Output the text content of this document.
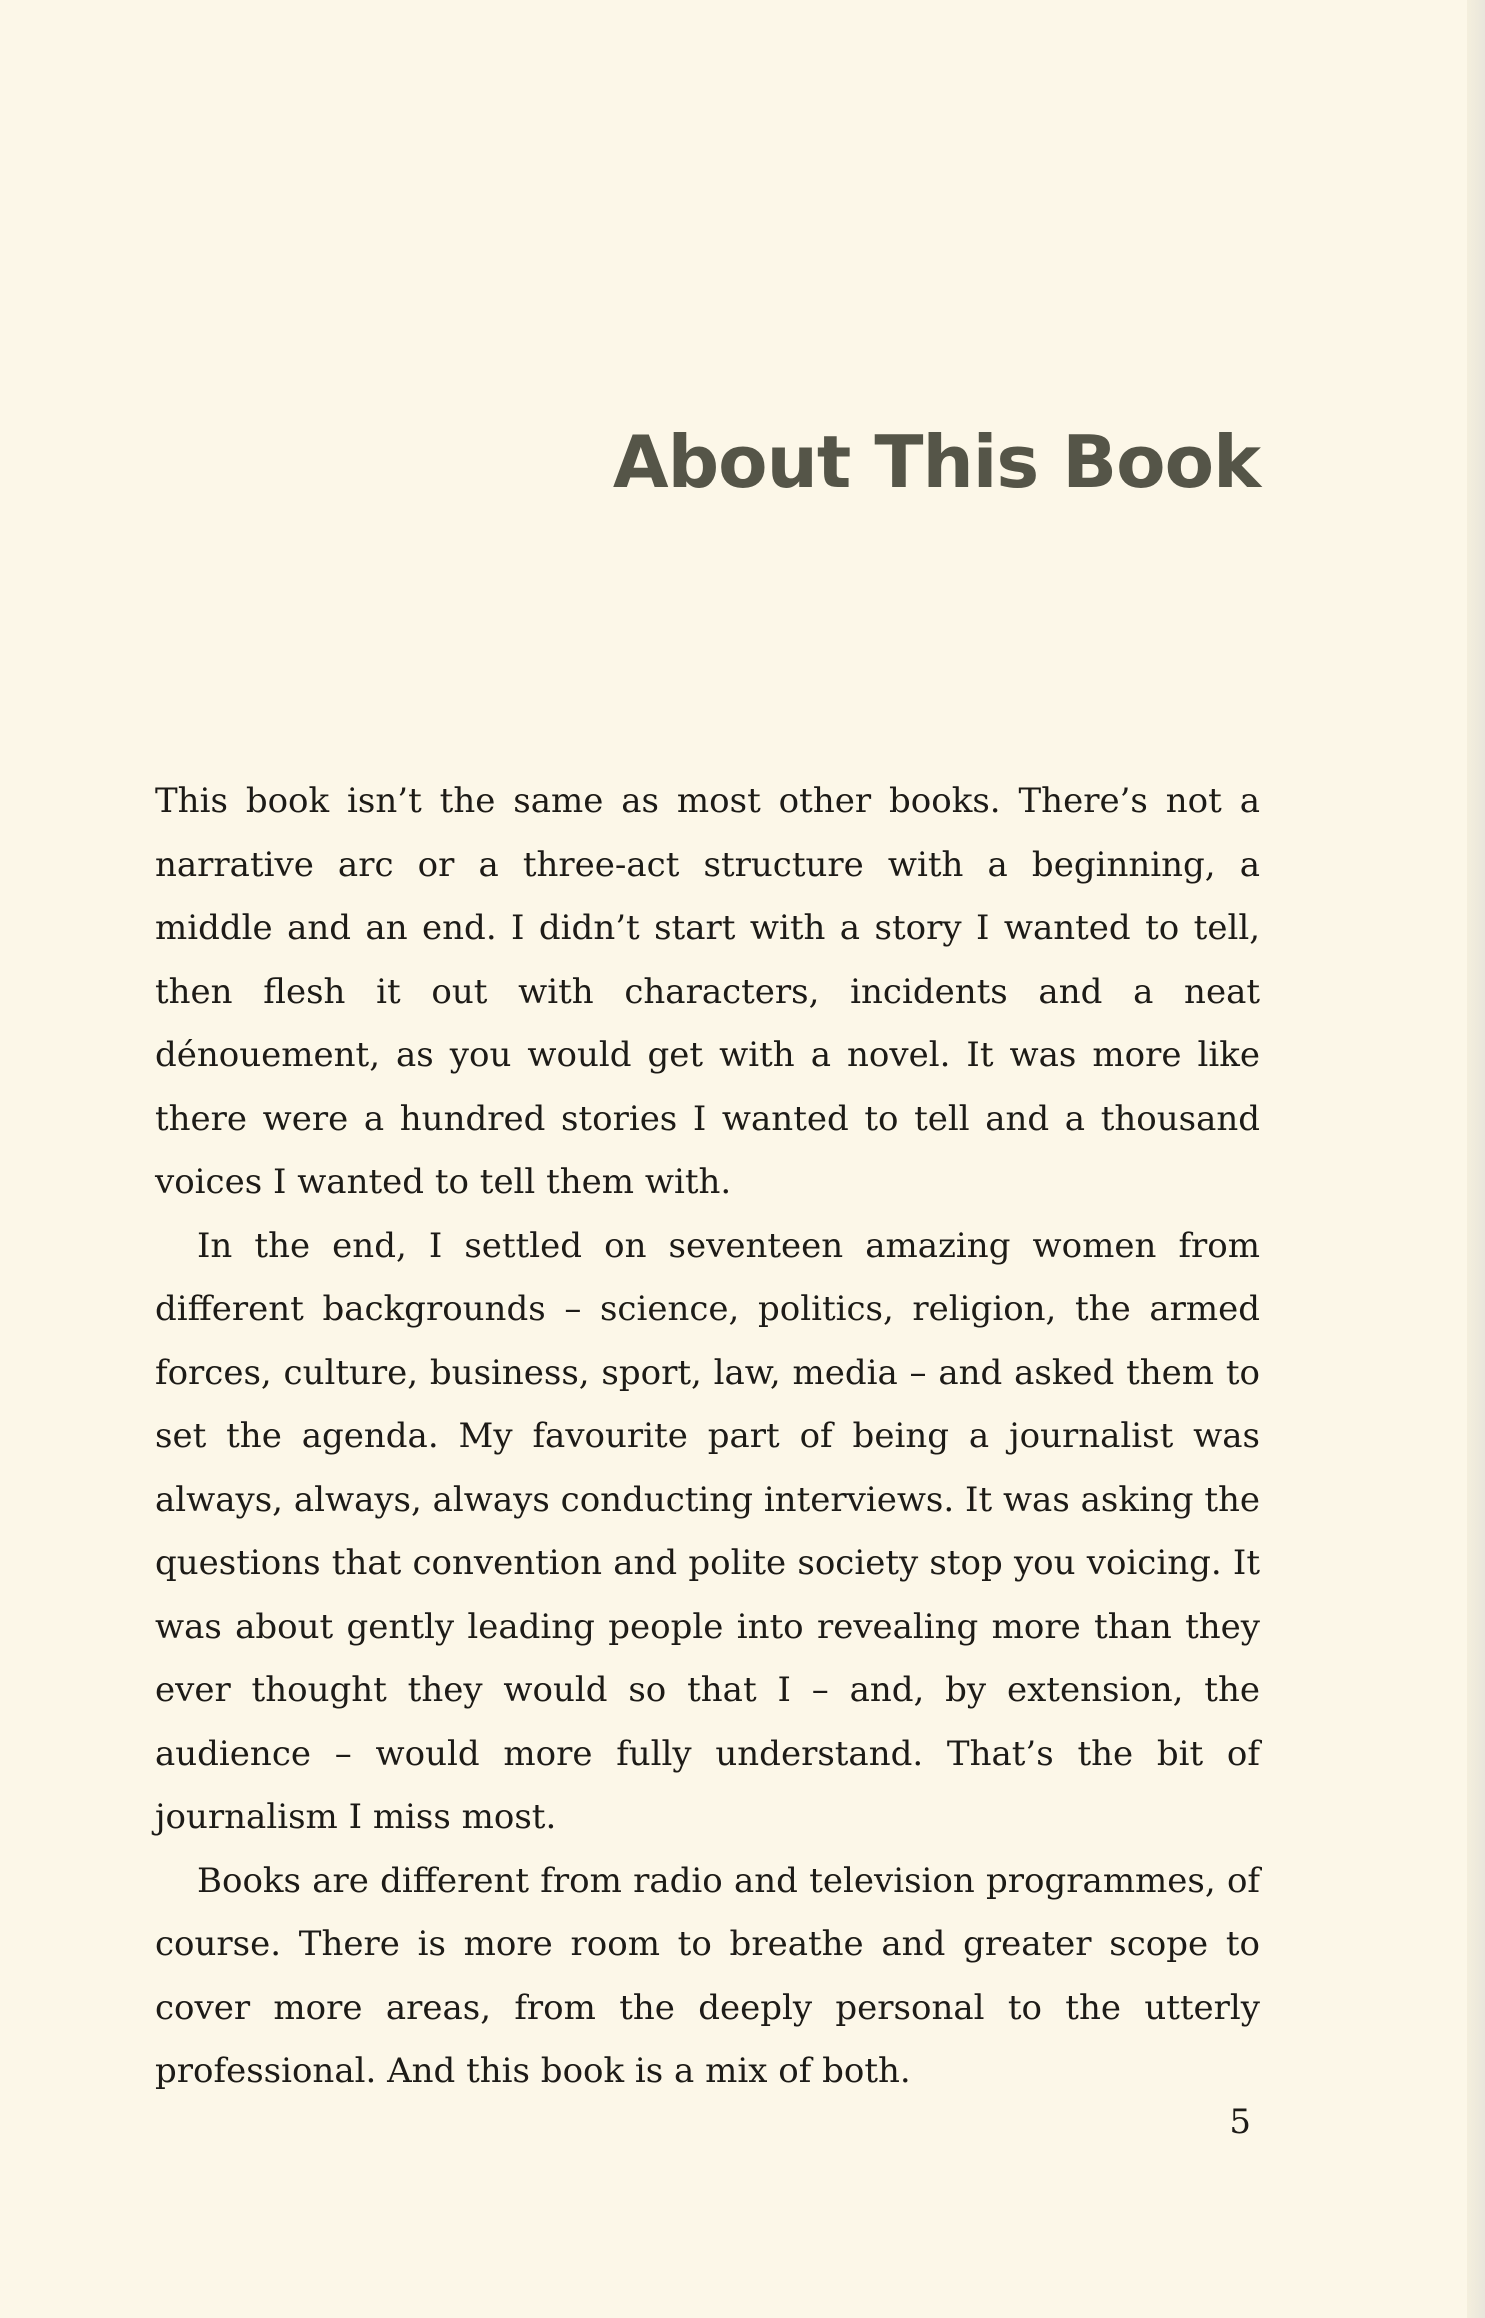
About This Book

This book isn’t the same as most other books. There’s not a narrative arc or a three-act structure with a beginning, a middle and an end. I didn’t start with a story I wanted to tell, then flesh it out with characters, incidents and a neat dénouement, as you would get with a novel. It was more like there were a hundred stories I wanted to tell and a thousand voices I wanted to tell them with.

In the end, I settled on seventeen amazing women from different backgrounds – science, politics, religion, the armed forces, culture, business, sport, law, media – and asked them to set the agenda. My favourite part of being a journalist was always, always, always conducting interviews. It was asking the questions that convention and polite society stop you voicing. It was about gently leading people into revealing more than they ever thought they would so that I – and, by extension, the audience – would more fully understand. That’s the bit of journalism I miss most.

Books are different from radio and television programmes, of course. There is more room to breathe and greater scope to cover more areas, from the deeply personal to the utterly professional. And this book is a mix of both.

5
